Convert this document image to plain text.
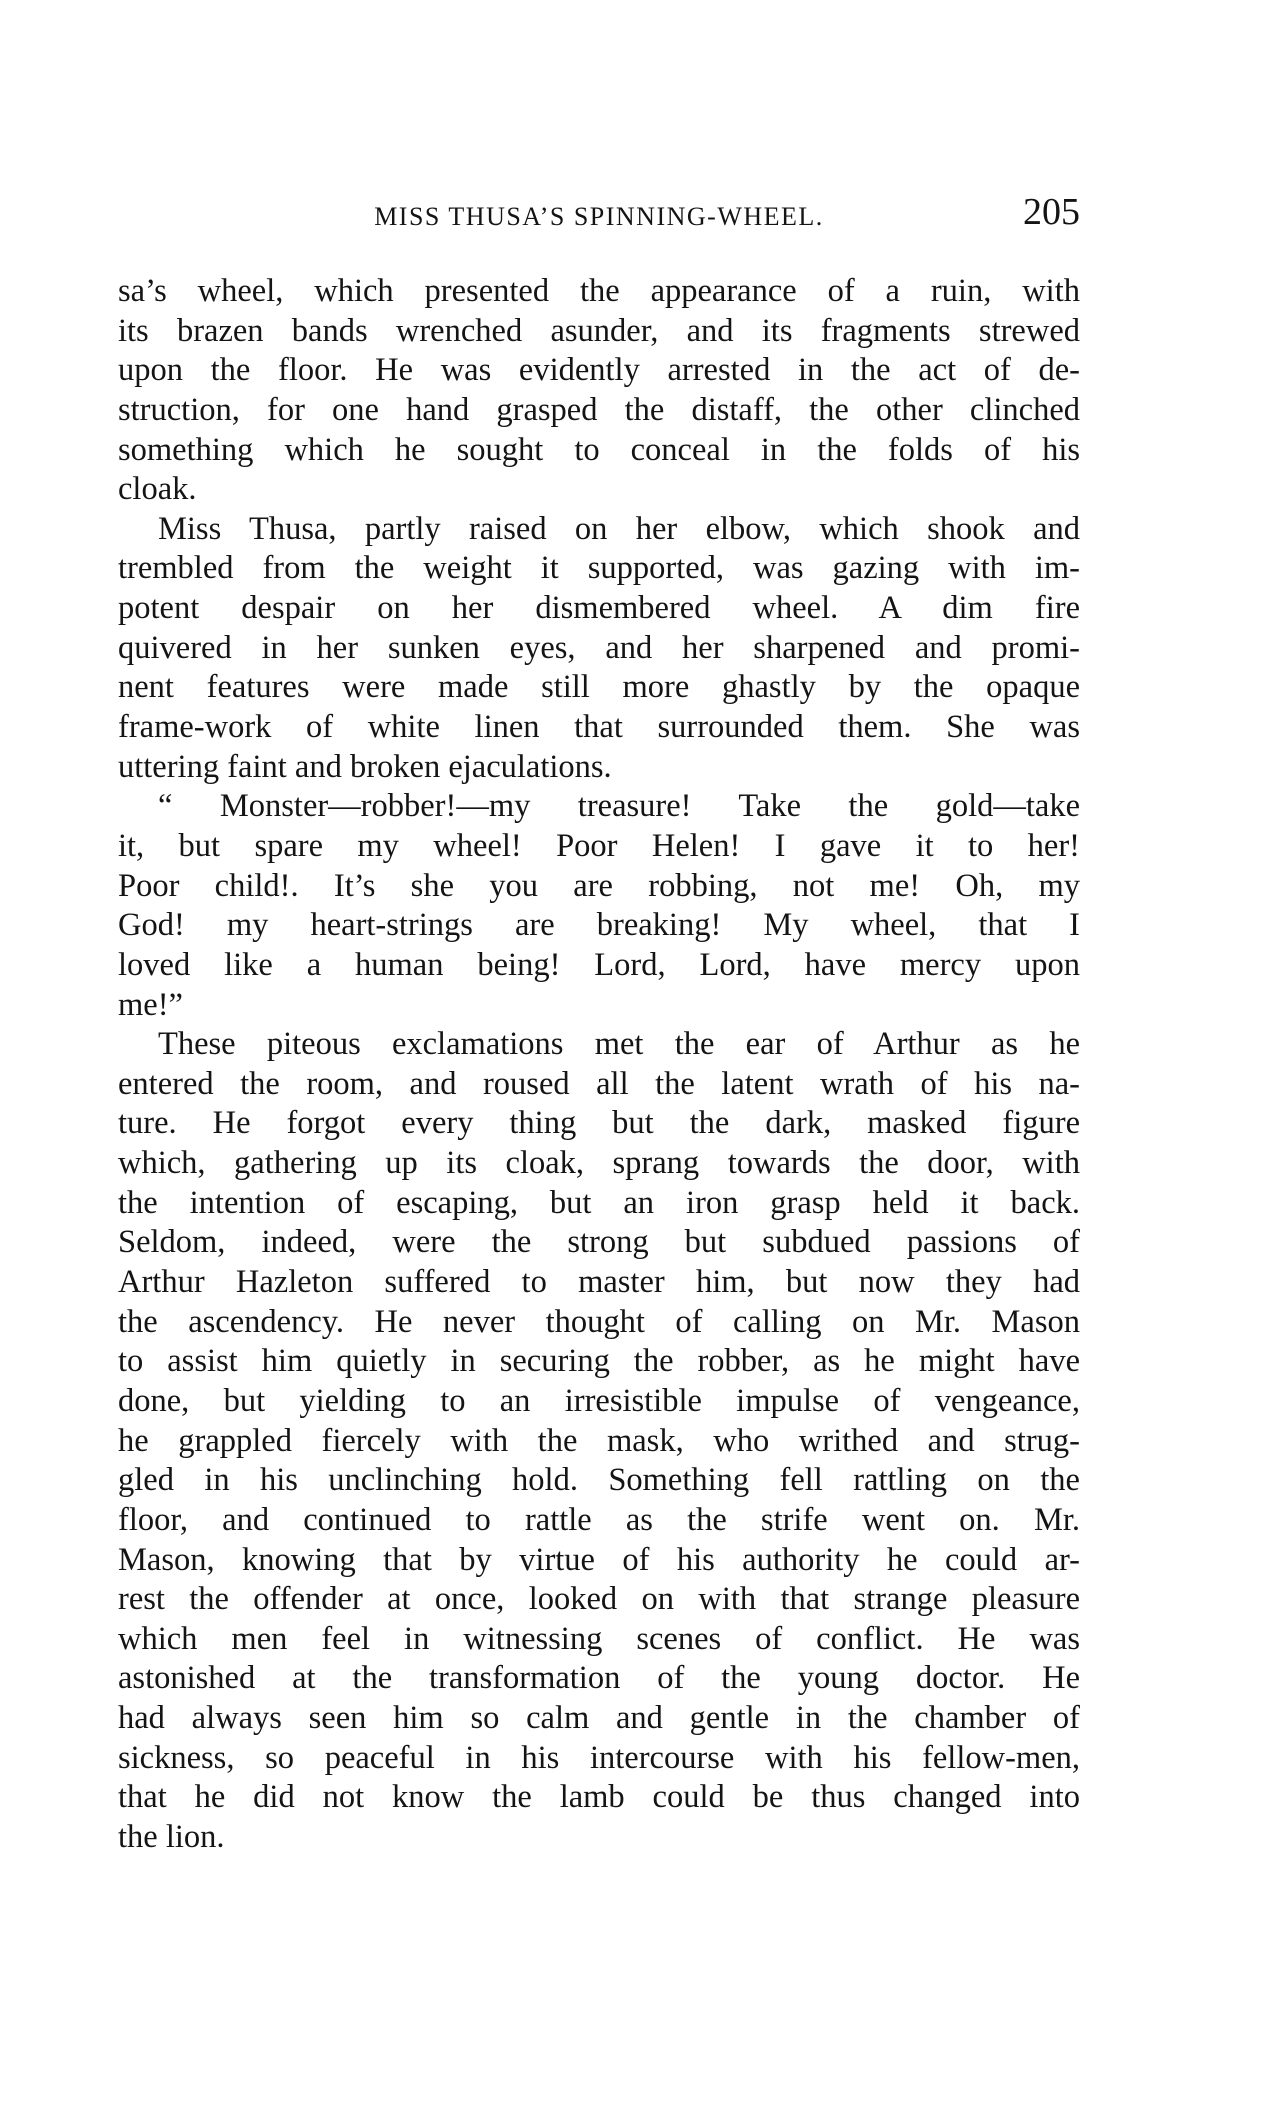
MISS THUSA’S SPINNING-WHEEL.	205
sa’s wheel, which presented the appearance of a ruin, with
its brazen bands wrenched asunder, and its fragments strewed
upon the floor. He was evidently arrested in the act of de-
struction, for one hand grasped the distaff, the other clinched
something which he sought to conceal in the folds of his
cloak.
Miss Thusa, partly raised on her elbow, which shook and
trembled from the weight it supported, was gazing with im-
potent despair on her dismembered wheel. A dim fire
quivered in her sunken eyes, and her sharpened and promi-
nent features were made still more ghastly by the opaque
frame-work of white linen that surrounded them. She was
uttering faint and broken ejaculations.
“ Monster—robber!—my treasure! Take the gold—take
it, but spare my wheel! Poor Helen! I gave it to her!
Poor child!. It’s she you are robbing, not me! Oh, my
God! my heart-strings are breaking! My wheel, that I
loved like a human being! Lord, Lord, have mercy upon
me!”
These piteous exclamations met the ear of Arthur as he
entered the room, and roused all the latent wrath of his na-
ture. He forgot every thing but the dark, masked figure
which, gathering up its cloak, sprang towards the door, with
the intention of escaping, but an iron grasp held it back.
Seldom, indeed, were the strong but subdued passions of
Arthur Hazleton suffered to master him, but now they had
the ascendency. He never thought of calling on Mr. Mason
to assist him quietly in securing the robber, as he might have
done, but yielding to an irresistible impulse of vengeance,
he grappled fiercely with the mask, who writhed and strug-
gled in his unclinching hold. Something fell rattling on the
floor, and continued to rattle as the strife went on. Mr.
Mason, knowing that by virtue of his authority he could ar-
rest the offender at once, looked on with that strange pleasure
which men feel in witnessing scenes of conflict. He was
astonished at the transformation of the young doctor. He
had always seen him so calm and gentle in the chamber of
sickness, so peaceful in his intercourse with his fellow-men,
that he did not know the lamb could be thus changed into
the lion.
